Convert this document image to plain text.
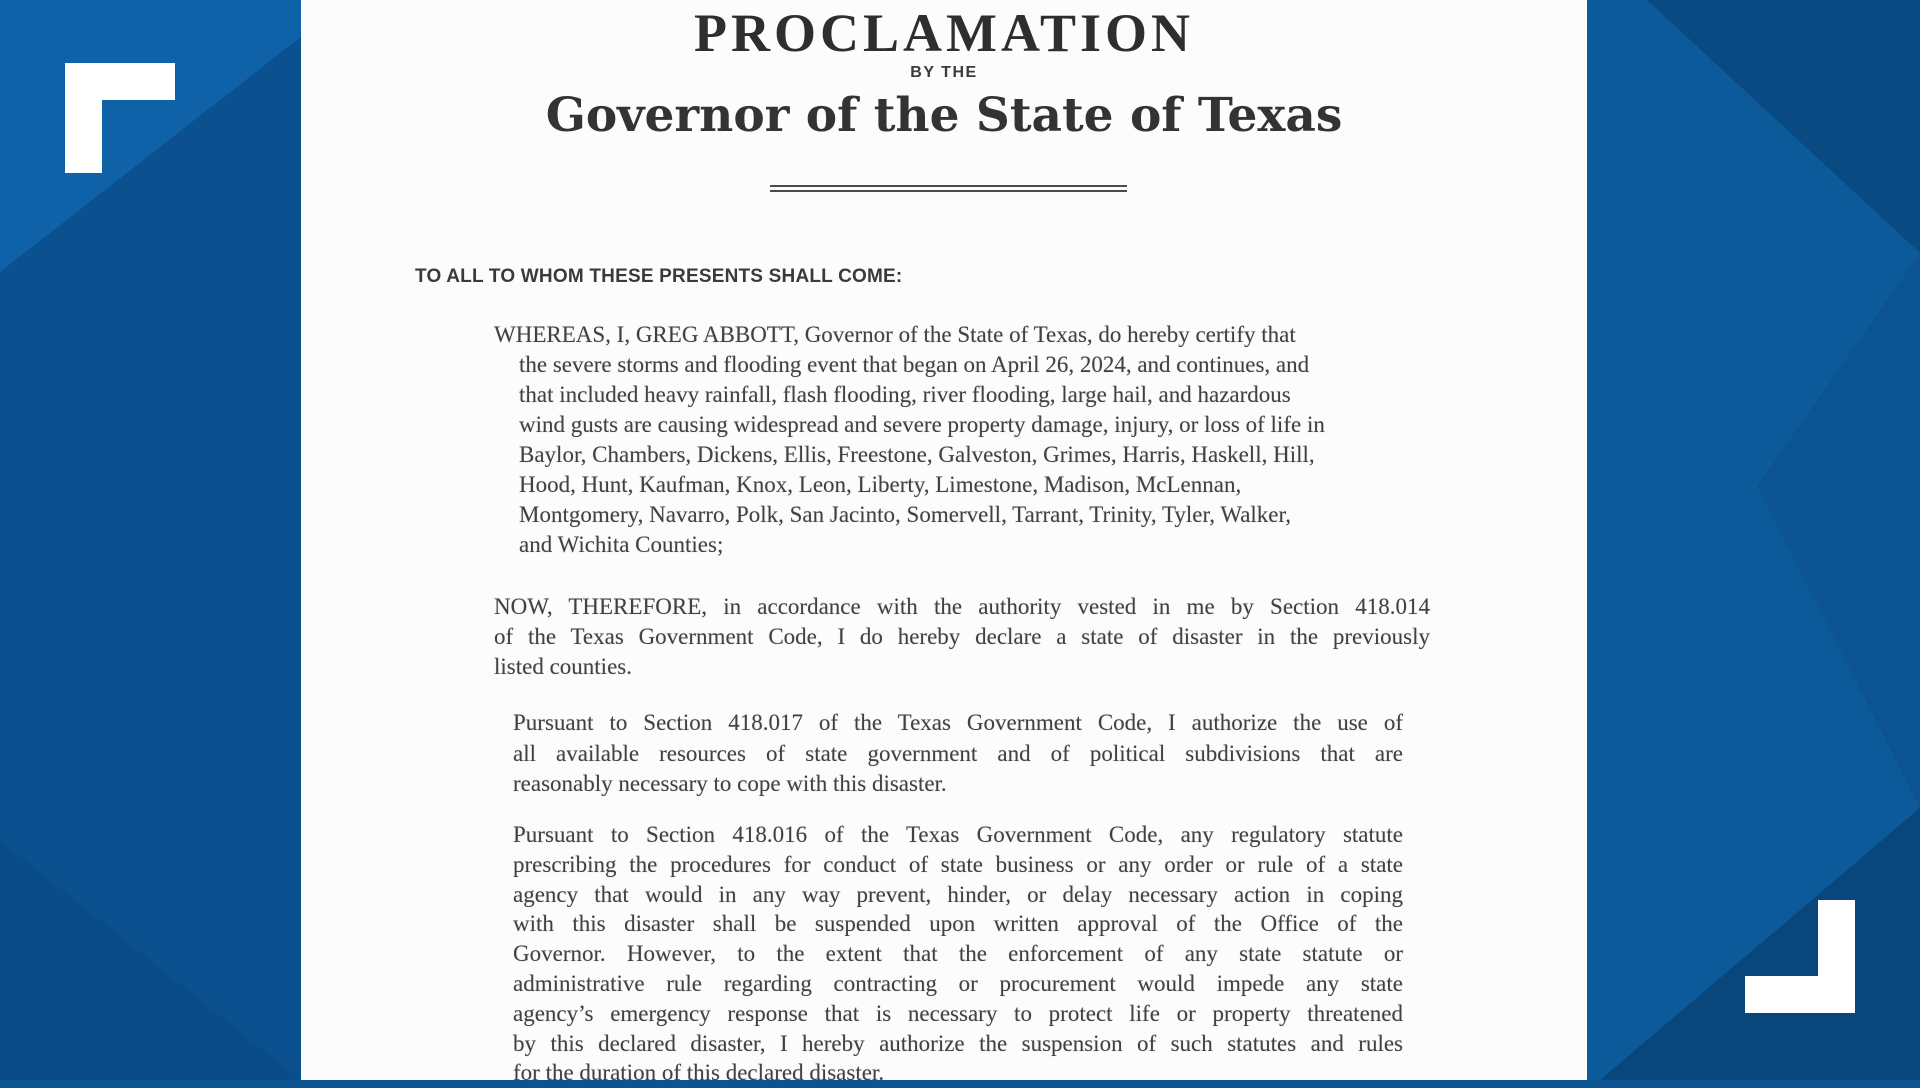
PROCLAMATION
BY THE
Governor of the State of Texas
TO ALL TO WHOM THESE PRESENTS SHALL COME:
WHEREAS, I, GREG ABBOTT, Governor of the State of Texas, do hereby certify that
the severe storms and flooding event that began on April 26, 2024, and continues, and
that included heavy rainfall, flash flooding, river flooding, large hail, and hazardous
wind gusts are causing widespread and severe property damage, injury, or loss of life in
Baylor, Chambers, Dickens, Ellis, Freestone, Galveston, Grimes, Harris, Haskell, Hill,
Hood, Hunt, Kaufman, Knox, Leon, Liberty, Limestone, Madison, McLennan,
Montgomery, Navarro, Polk, San Jacinto, Somervell, Tarrant, Trinity, Tyler, Walker,
and Wichita Counties;
NOW, THEREFORE, in accordance with the authority vested in me by Section 418.014
of the Texas Government Code, I do hereby declare a state of disaster in the previously
listed counties.
Pursuant to Section 418.017 of the Texas Government Code, I authorize the use of
all available resources of state government and of political subdivisions that are
reasonably necessary to cope with this disaster.
Pursuant to Section 418.016 of the Texas Government Code, any regulatory statute
prescribing the procedures for conduct of state business or any order or rule of a state
agency that would in any way prevent, hinder, or delay necessary action in coping
with this disaster shall be suspended upon written approval of the Office of the
Governor. However, to the extent that the enforcement of any state statute or
administrative rule regarding contracting or procurement would impede any state
agency’s emergency response that is necessary to protect life or property threatened
by this declared disaster, I hereby authorize the suspension of such statutes and rules
for the duration of this declared disaster.
